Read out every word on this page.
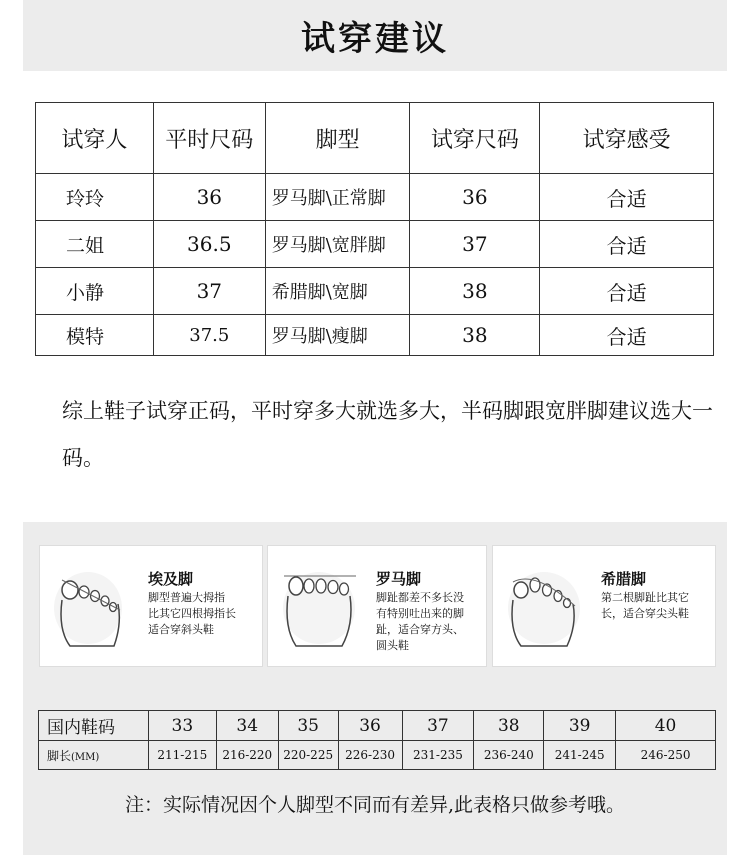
试穿建议
试穿人	平时尺码	脚型	试穿尺码	试穿感受
玲玲	36	罗马脚\正常脚	36	合适
二姐	36.5	罗马脚\宽胖脚	37	合适
小静	37	希腊脚\宽脚	38	合适
模特	37.5	罗马脚\瘦脚	38	合适
综上鞋子试穿正码，平时穿多大就选多大，半码脚跟宽胖脚建议选大一码。
埃及脚
脚型普遍大拇指
比其它四根拇指长
适合穿斜头鞋
罗马脚
脚趾都差不多长没
有特别吐出来的脚
趾，适合穿方头、
圆头鞋
希腊脚
第二根脚趾比其它
长，适合穿尖头鞋
国内鞋码	33	34	35	36	37	38	39	40
脚长(MM)	211-215	216-220	220-225	226-230	231-235	236-240	241-245	246-250
注：实际情况因个人脚型不同而有差异,此表格只做参考哦。
